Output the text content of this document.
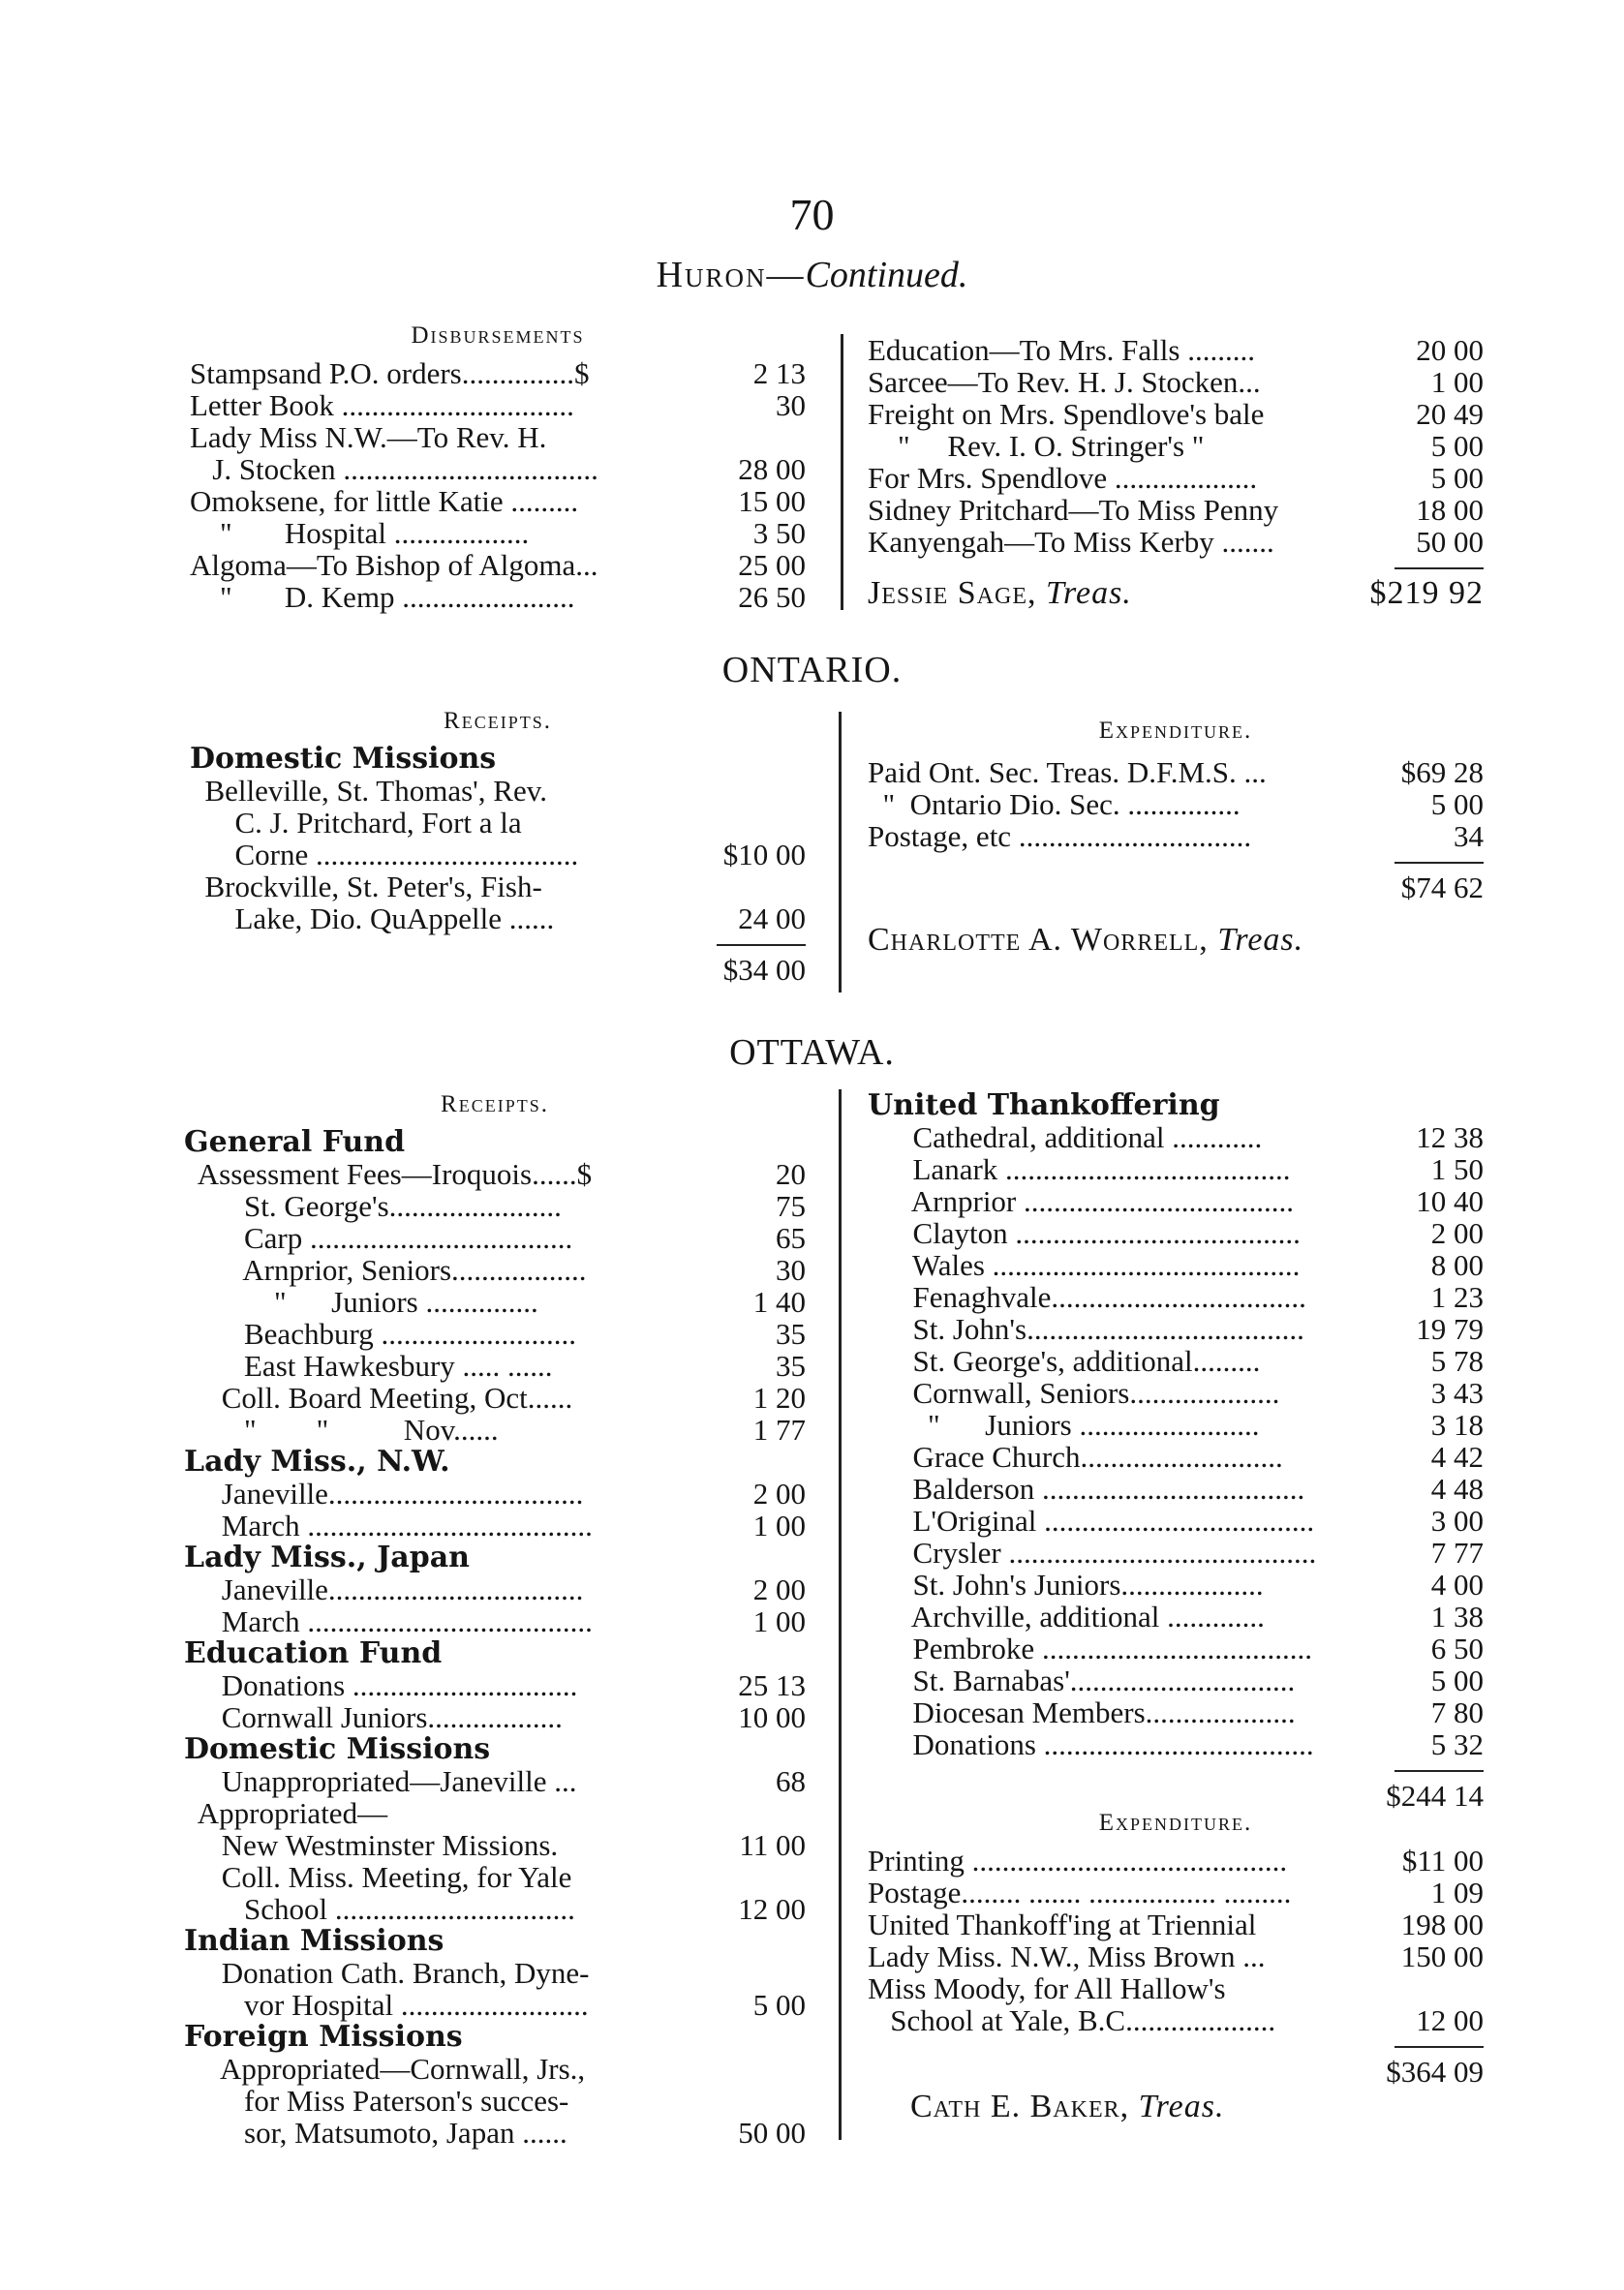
70
Huron—Continued.
Disbursements
Stampsand P.O. orders...............$	2 13
Letter Book ...............................	30
Lady Miss N.W.—To Rev. H.
J. Stocken ..................................	28 00
Omoksene, for little Katie .........	15 00
"       Hospital ..................	3 50
Algoma—To Bishop of Algoma...	25 00
"       D. Kemp .......................	26 50
Education—To Mrs. Falls .........	20 00
Sarcee—To Rev. H. J. Stocken...	1 00
Freight on Mrs. Spendlove's bale	20 49
"     Rev. I. O. Stringer's "	5 00
For Mrs. Spendlove ...................	5 00
Sidney Pritchard—To Miss Penny	18 00
Kanyengah—To Miss Kerby .......	50 00
Jessie Sage, Treas.	$219 92
ONTARIO.
Receipts.
Domestic Missions
Belleville, St. Thomas', Rev.
C. J. Pritchard, Fort a la
Corne ...................................	$10 00
Brockville, St. Peter's, Fish-
Lake, Dio. QuAppelle ......	24 00
$34 00
Expenditure.
Paid Ont. Sec. Treas. D.F.M.S. ...	$69 28
"  Ontario Dio. Sec. ...............	5 00
Postage, etc ...............................	34
$74 62
Charlotte A. Worrell, Treas.
OTTAWA.
Receipts.
General Fund
Assessment Fees—Iroquois......$	20
St. George's.......................	75
Carp ...................................	65
Arnprior, Seniors..................	30
"      Juniors ...............	1 40
Beachburg ..........................	35
East Hawkesbury ..... ......	35
Coll. Board Meeting, Oct......	1 20
"        "          Nov......	1 77
Lady Miss., N.W.
Janeville..................................	2 00
March ......................................	1 00
Lady Miss., Japan
Janeville..................................	2 00
March ......................................	1 00
Education Fund
Donations ..............................	25 13
Cornwall Juniors..................	10 00
Domestic Missions
Unappropriated—Janeville ...	68
Appropriated—
New Westminster Missions.	11 00
Coll. Miss. Meeting, for Yale
School ................................	12 00
Indian Missions
Donation Cath. Branch, Dyne-
vor Hospital .........................	5 00
Foreign Missions
Appropriated—Cornwall, Jrs.,
for Miss Paterson's succes-
sor, Matsumoto, Japan ......	50 00
United Thankoffering
Cathedral, additional ............	12 38
Lanark ......................................	1 50
Arnprior ....................................	10 40
Clayton ......................................	2 00
Wales .........................................	8 00
Fenaghvale..................................	1 23
St. John's.....................................	19 79
St. George's, additional.........	5 78
Cornwall, Seniors....................	3 43
"      Juniors ........................	3 18
Grace Church...........................	4 42
Balderson ...................................	4 48
L'Original ....................................	3 00
Crysler .........................................	7 77
St. John's Juniors...................	4 00
Archville, additional .............	1 38
Pembroke ....................................	6 50
St. Barnabas'..............................	5 00
Diocesan Members....................	7 80
Donations ....................................	5 32
$244 14
Expenditure.
Printing ..........................................	$11 00
Postage........ ....... ................. .........	1 09
United Thankoff'ing at Triennial	198 00
Lady Miss. N.W., Miss Brown ...	150 00
Miss Moody, for All Hallow's
School at Yale, B.C....................	12 00
$364 09
Cath E. Baker, Treas.
